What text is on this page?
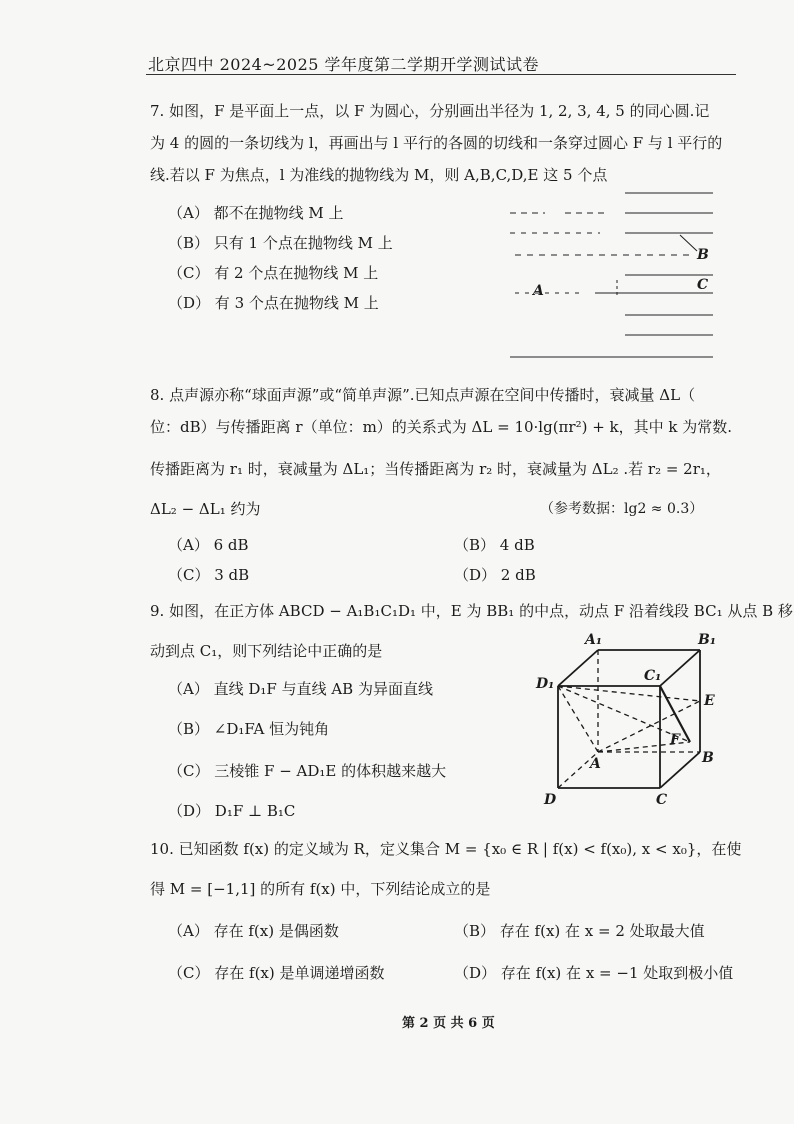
北京四中 2024~2025 学年度第二学期开学测试试卷
7. 如图，F 是平面上一点，以 F 为圆心，分别画出半径为 1, 2, 3, 4, 5 的同心圆.记
为 4 的圆的一条切线为 l，再画出与 l 平行的各圆的切线和一条穿过圆心 F 与 l 平行的
线.若以 F 为焦点，l 为准线的抛物线为 M，则 A,B,C,D,E 这 5 个点
（A） 都不在抛物线 M 上
（B） 只有 1 个点在抛物线 M 上
（C） 有 2 个点在抛物线 M 上
（D） 有 3 个点在抛物线 M 上
B
C
A
8. 点声源亦称“球面声源”或“简单声源”.已知点声源在空间中传播时，衰减量 ΔL（
位：dB）与传播距离 r（单位：m）的关系式为 ΔL = 10·lg(πr²) + k，其中 k 为常数.
传播距离为 r₁ 时，衰减量为 ΔL₁；当传播距离为 r₂ 时，衰减量为 ΔL₂ .若 r₂ = 2r₁，
ΔL₂ − ΔL₁ 约为	（参考数据：lg2 ≈ 0.3）
（A） 6 dB	（B） 4 dB
（C） 3 dB	（D） 2 dB
9. 如图，在正方体 ABCD − A₁B₁C₁D₁ 中，E 为 BB₁ 的中点，动点 F 沿着线段 BC₁ 从点 B 移
动到点 C₁，则下列结论中正确的是
（A） 直线 D₁F 与直线 AB 为异面直线
（B） ∠D₁FA 恒为钝角
（C） 三棱锥 F − AD₁E 的体积越来越大
（D） D₁F ⊥ B₁C
A₁	B₁
C₁
D₁
E
F
A	B
C
D
10. 已知函数 f(x) 的定义域为 R，定义集合 M = {x₀ ∈ R | f(x) < f(x₀), x < x₀}，在使
得 M = [−1,1] 的所有 f(x) 中，下列结论成立的是
（A） 存在 f(x) 是偶函数	（B） 存在 f(x) 在 x = 2 处取最大值
（C） 存在 f(x) 是单调递增函数	（D） 存在 f(x) 在 x = −1 处取到极小值
第 2 页 共 6 页
